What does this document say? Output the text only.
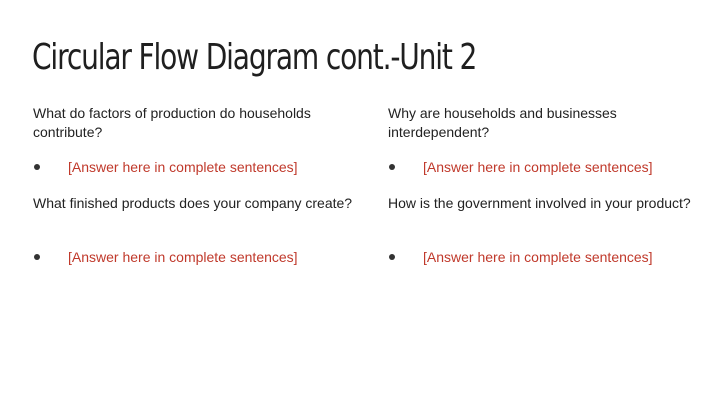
Circular Flow Diagram cont.-Unit 2

What do factors of production do households contribute?

[Answer here in complete sentences]

What finished products does your company create?

[Answer here in complete sentences]

Why are households and businesses interdependent?

[Answer here in complete sentences]

How is the government involved in your product?

[Answer here in complete sentences]
